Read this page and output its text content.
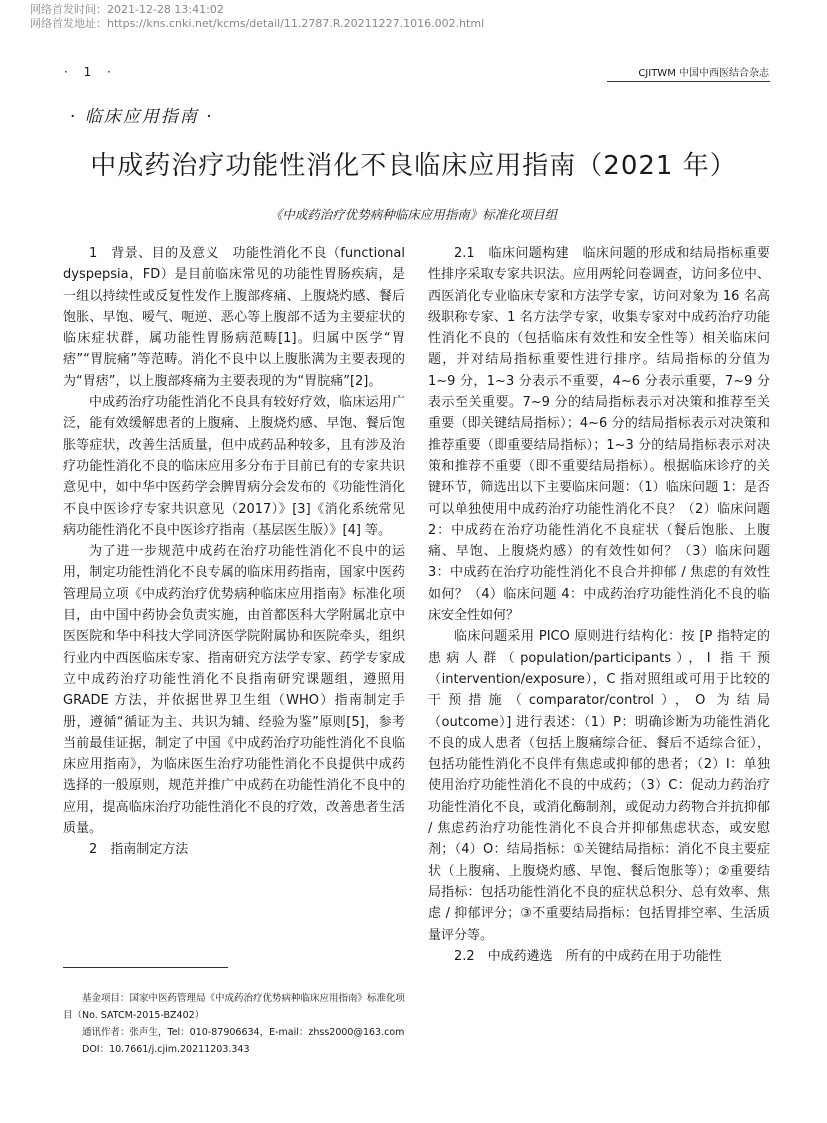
网络首发时间：2021-12-28 13:41:02
网络首发地址：https://kns.cnki.net/kcms/detail/11.2787.R.20211227.1016.002.html
· 1 ·	CJITWM 中国中西医结合杂志
· 临床应用指南 ·
中成药治疗功能性消化不良临床应用指南（2021 年）
《中成药治疗优势病种临床应用指南》标准化项目组

1　背景、目的及意义　功能性消化不良（functional dyspepsia，FD）是目前临床常见的功能性胃肠疾病，是一组以持续性或反复性发作上腹部疼痛、上腹烧灼感、餐后饱胀、早饱、嗳气、呃逆、恶心等上腹部不适为主要症状的临床症状群，属功能性胃肠病范畴[1]。归属中医学“胃痞”“胃脘痛”等范畴。消化不良中以上腹胀满为主要表现的为“胃痞”，以上腹部疼痛为主要表现的为“胃脘痛”[2]。

中成药治疗功能性消化不良具有较好疗效，临床运用广泛，能有效缓解患者的上腹痛、上腹烧灼感、早饱、餐后饱胀等症状，改善生活质量，但中成药品种较多，且有涉及治疗功能性消化不良的临床应用多分布于目前已有的专家共识意见中，如中华中医药学会脾胃病分会发布的《功能性消化不良中医诊疗专家共识意见（2017）》[3]《消化系统常见病功能性消化不良中医诊疗指南（基层医生版）》[4] 等。

为了进一步规范中成药在治疗功能性消化不良中的运用，制定功能性消化不良专属的临床用药指南，国家中医药管理局立项《中成药治疗优势病种临床应用指南》标准化项目，由中国中药协会负责实施，由首都医科大学附属北京中医医院和华中科技大学同济医学院附属协和医院牵头，组织行业内中西医临床专家、指南研究方法学专家、药学专家成立中成药治疗功能性消化不良指南研究课题组，遵照用 GRADE 方法，并依据世界卫生组（WHO）指南制定手册，遵循“循证为主、共识为辅、经验为鉴”原则[5]，参考当前最佳证据，制定了中国《中成药治疗功能性消化不良临床应用指南》，为临床医生治疗功能性消化不良提供中成药选择的一般原则，规范并推广中成药在功能性消化不良中的应用，提高临床治疗功能性消化不良的疗效，改善患者生活质量。

2　指南制定方法

2.1　临床问题构建　临床问题的形成和结局指标重要性排序采取专家共识法。应用两轮问卷调查，访问多位中、西医消化专业临床专家和方法学专家，访问对象为 16 名高级职称专家、1 名方法学专家，收集专家对中成药治疗功能性消化不良的（包括临床有效性和安全性等）相关临床问题，并对结局指标重要性进行排序。结局指标的分值为 1~9 分，1~3 分表示不重要，4~6 分表示重要，7~9 分表示至关重要。7~9 分的结局指标表示对决策和推荐至关重要（即关键结局指标）；4~6 分的结局指标表示对决策和推荐重要（即重要结局指标）；1~3 分的结局指标表示对决策和推荐不重要（即不重要结局指标）。根据临床诊疗的关键环节，筛选出以下主要临床问题：（1）临床问题 1：是否可以单独使用中成药治疗功能性消化不良？（2）临床问题 2：中成药在治疗功能性消化不良症状（餐后饱胀、上腹痛、早饱、上腹烧灼感）的有效性如何？（3）临床问题 3：中成药在治疗功能性消化不良合并抑郁 / 焦虑的有效性如何？（4）临床问题 4：中成药治疗功能性消化不良的临床安全性如何？

临床问题采用 PICO 原则进行结构化：按 [P 指特定的患病人群（population/participants），I 指干预（intervention/exposure），C 指对照组或可用于比较的干预措施（comparator/control），O 为结局（outcome）] 进行表述：（1）P：明确诊断为功能性消化不良的成人患者（包括上腹痛综合征、餐后不适综合征），包括功能性消化不良伴有焦虑或抑郁的患者；（2）I：单独使用治疗功能性消化不良的中成药；（3）C：促动力药治疗功能性消化不良，或消化酶制剂，或促动力药物合并抗抑郁 / 焦虑药治疗功能性消化不良合并抑郁焦虑状态，或安慰剂；（4）O：结局指标：①关键结局指标：消化不良主要症状（上腹痛、上腹烧灼感、早饱、餐后饱胀等）；②重要结局指标：包括功能性消化不良的症状总积分、总有效率、焦虑 / 抑郁评分；③不重要结局指标：包括胃排空率、生活质量评分等。

2.2　中成药遴选　所有的中成药在用于功能性

基金项目：国家中医药管理局《中成药治疗优势病种临床应用指南》标准化项目（No. SATCM-2015-BZ402）
通讯作者：张声生，Tel：010-87906634，E-mail：zhss2000@163.com
DOI：10.7661/j.cjim.20211203.343
